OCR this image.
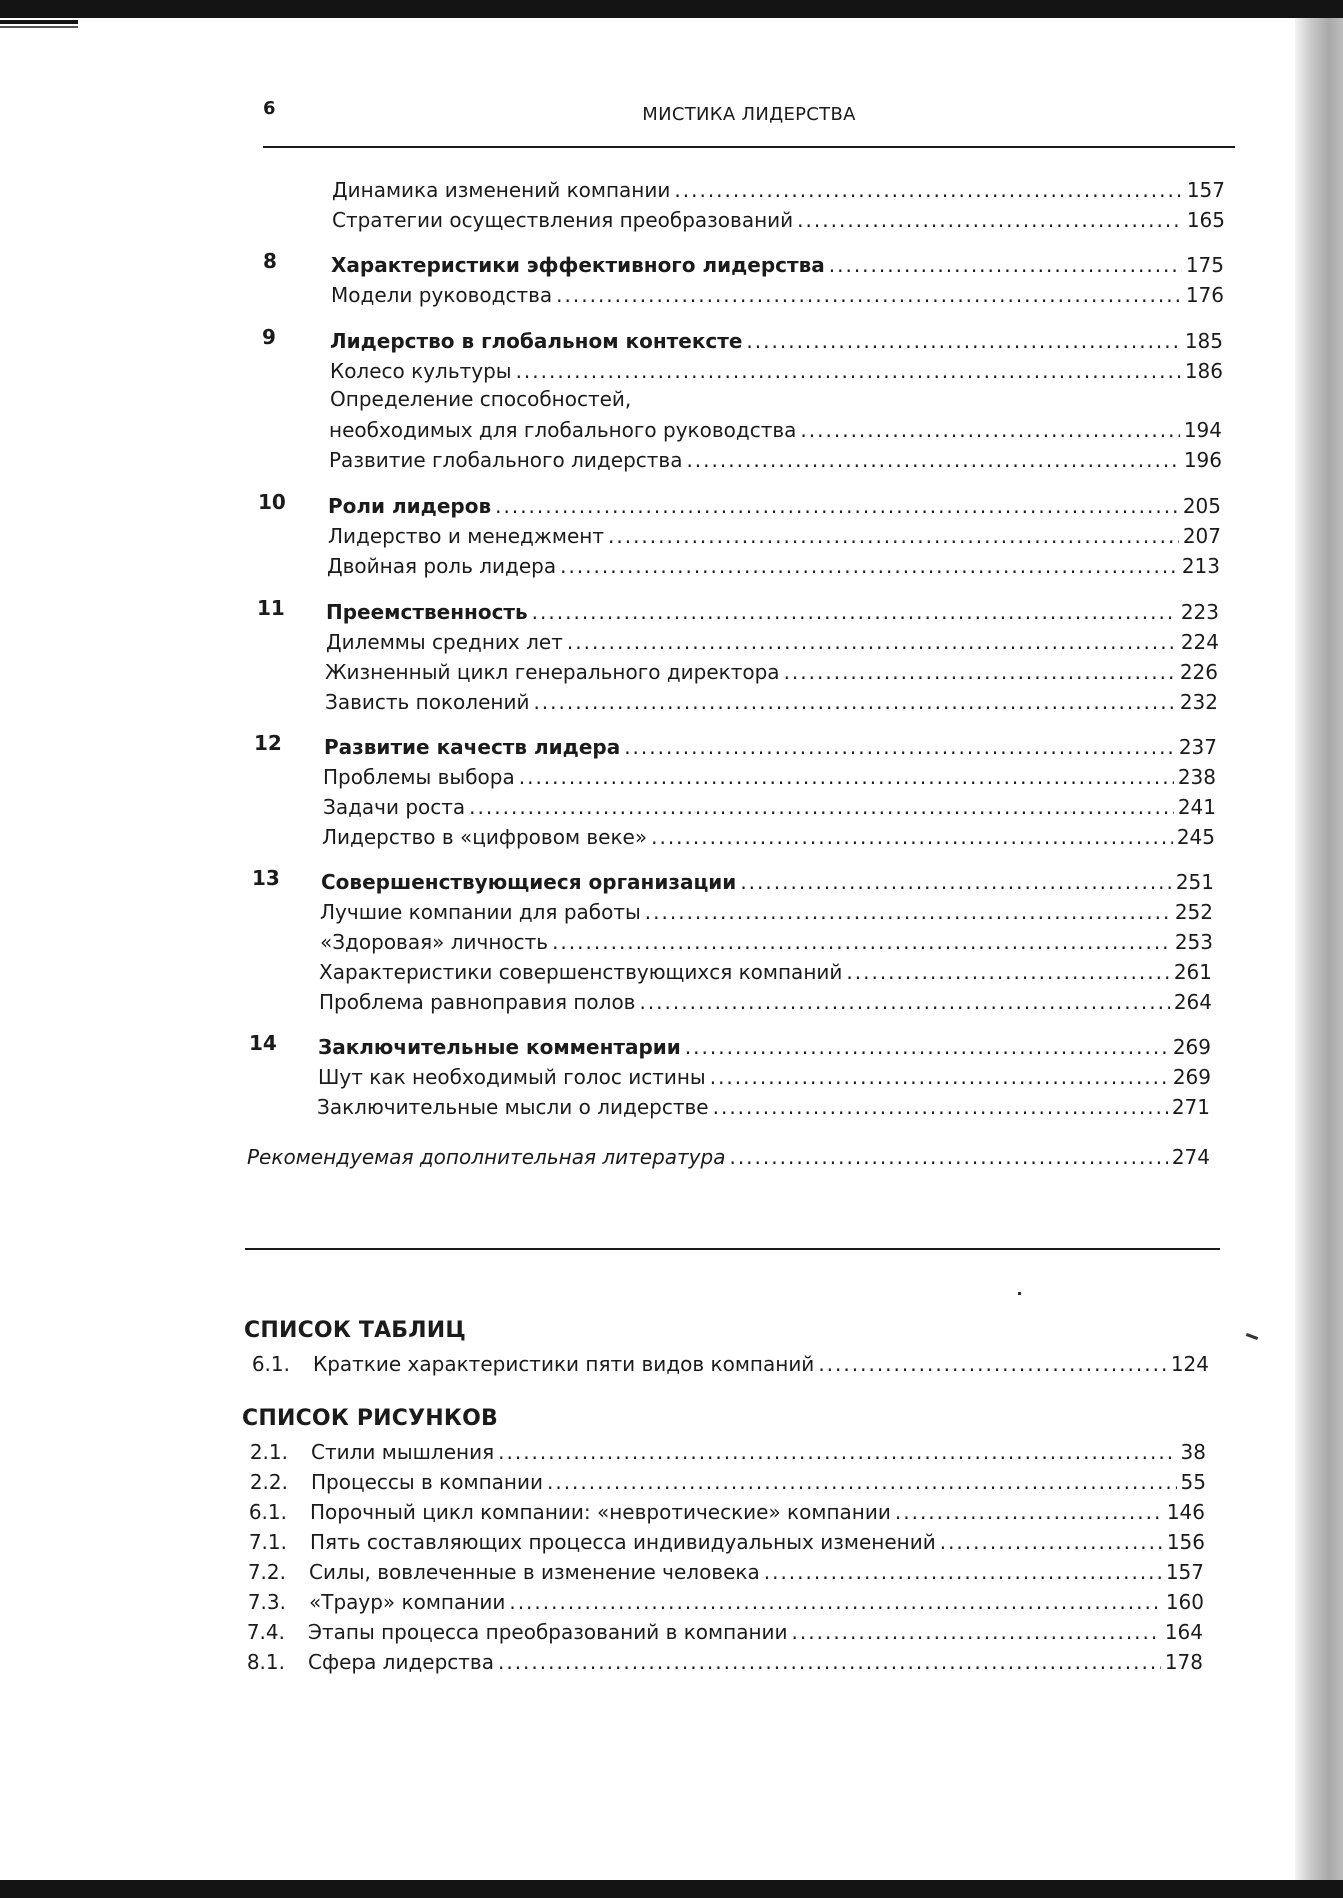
6	МИСТИКА ЛИДЕРСТВА
Динамика изменений компании .....	157
Стратегии осуществления преобразований .....	165
8	Характеристики эффективного лидерства .....	175
Модели руководства .....	176
9	Лидерство в глобальном контексте .....	185
Колесо культуры .....	186
Определение способностей,
необходимых для глобального руководства .....	194
Развитие глобального лидерства .....	196
10 Роли лидеров .....	205
Лидерство и менеджмент .....	207
Двойная роль лидера .....	213
11 Преемственность .....	223
Дилеммы средних лет .....	224
Жизненный цикл генерального директора .....	226
Зависть поколений .....	232
12 Развитие качеств лидера .....	237
Проблемы выбора .....	238
Задачи роста .....	241
Лидерство в «цифровом веке» .....	245
13 Совершенствующиеся организации .....	251
Лучшие компании для работы .....	252
«Здоровая» личность .....	253
Характеристики совершенствующихся компаний .....	261
Проблема равноправия полов .....	264
14 Заключительные комментарии .....	269
Шут как необходимый голос истины .....	269
Заключительные мысли о лидерстве .....	271
Рекомендуемая дополнительная литература .....	274
СПИСОК ТАБЛИЦ
6.1. Краткие характеристики пяти видов компаний .....	124
СПИСОК РИСУНКОВ
2.1. Стили мышления .....	38
2.2. Процессы в компании .....	55
6.1. Порочный цикл компании: «невротические» компании .....	146
7.1. Пять составляющих процесса индивидуальных изменений .....	156
7.2. Силы, вовлеченные в изменение человека .....	157
7.3. «Траур» компании .....	160
7.4. Этапы процесса преобразований в компании .....	164
8.1. Сфера лидерства .....	178
